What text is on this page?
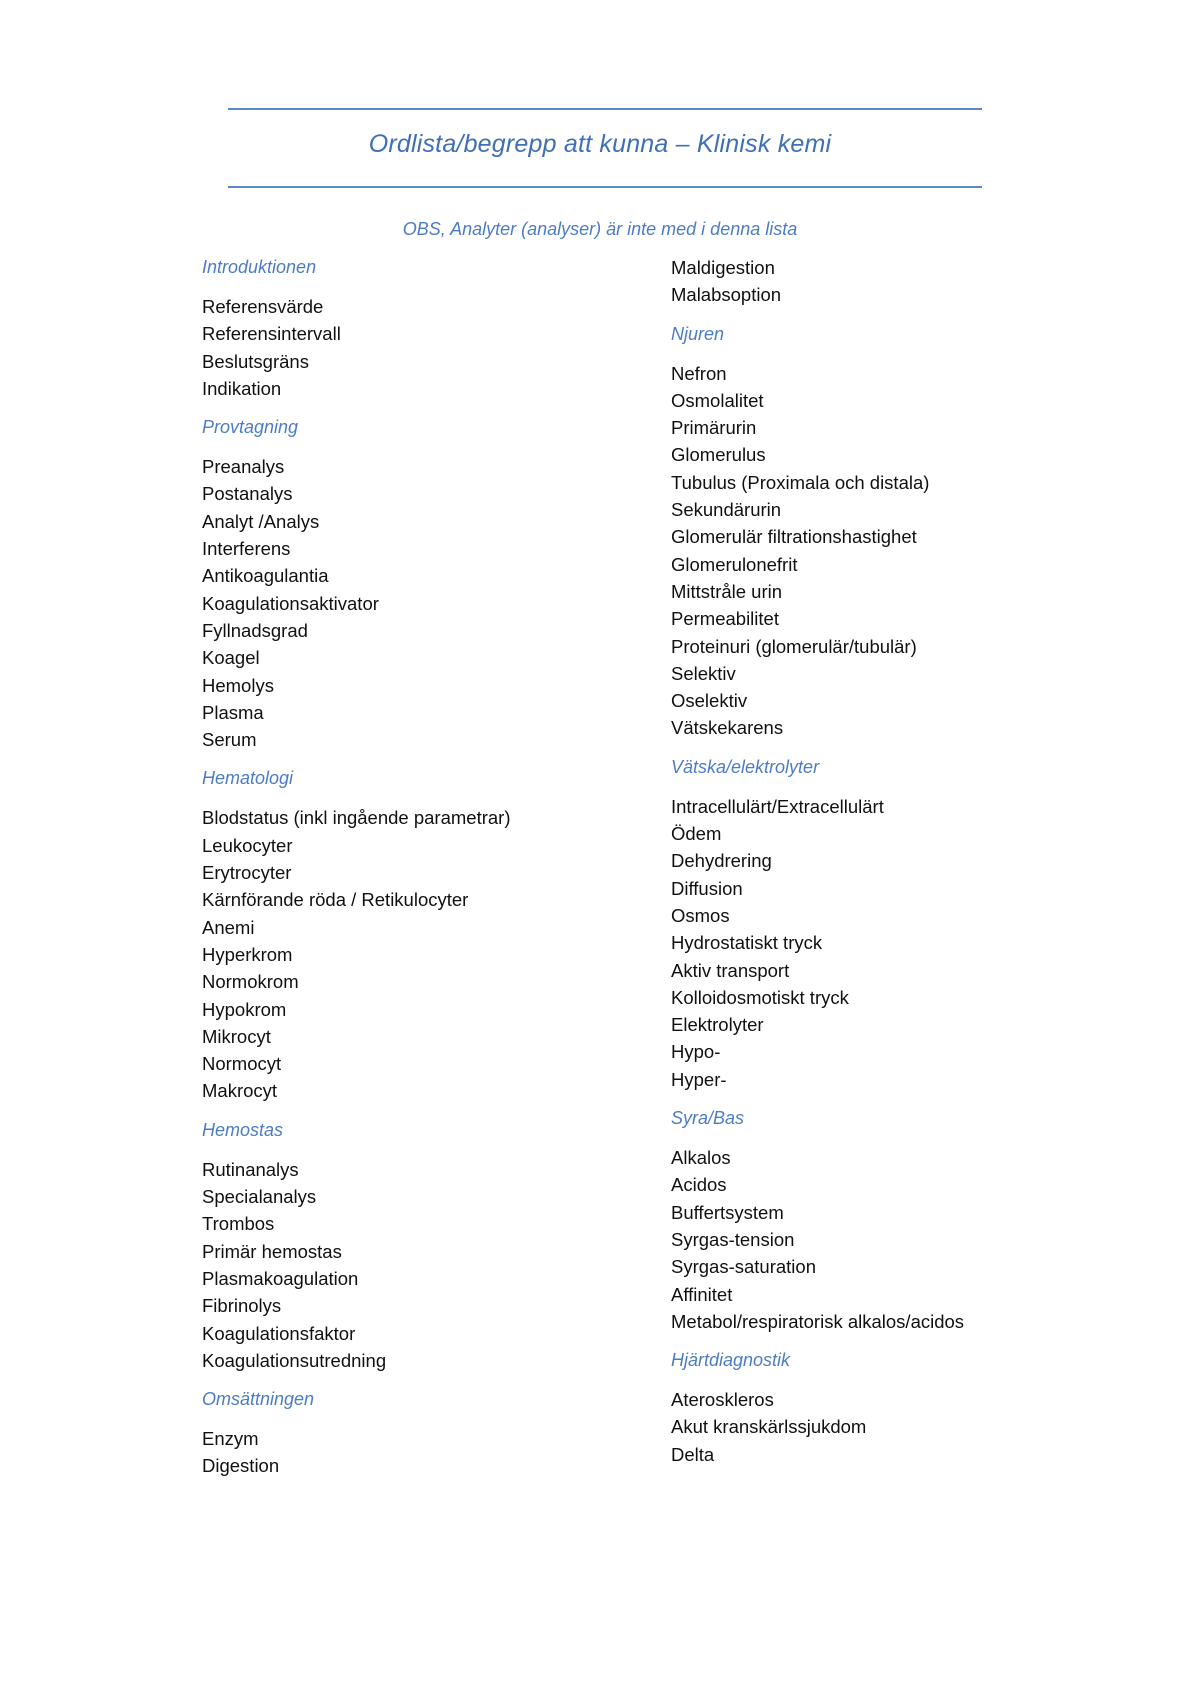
Ordlista/begrepp att kunna – Klinisk kemi
OBS, Analyter (analyser) är inte med i denna lista
Introduktionen
Referensvärde
Referensintervall
Beslutsgräns
Indikation
Provtagning
Preanalys
Postanalys
Analyt /Analys
Interferens
Antikoagulantia
Koagulationsaktivator
Fyllnadsgrad
Koagel
Hemolys
Plasma
Serum
Hematologi
Blodstatus (inkl ingående parametrar)
Leukocyter
Erytrocyter
Kärnförande röda / Retikulocyter
Anemi
Hyperkrom
Normokrom
Hypokrom
Mikrocyt
Normocyt
Makrocyt
Hemostas
Rutinanalys
Specialanalys
Trombos
Primär hemostas
Plasmakoagulation
Fibrinolys
Koagulationsfaktor
Koagulationsutredning
Omsättningen
Enzym
Digestion
Maldigestion
Malabsoption
Njuren
Nefron
Osmolalitet
Primärurin
Glomerulus
Tubulus (Proximala och distala)
Sekundärurin
Glomerulär filtrationshastighet
Glomerulonefrit
Mittstråle urin
Permeabilitet
Proteinuri (glomerulär/tubulär)
Selektiv
Oselektiv
Vätskekarens
Vätska/elektrolyter
Intracellulärt/Extracellulärt
Ödem
Dehydrering
Diffusion
Osmos
Hydrostatiskt tryck
Aktiv transport
Kolloidosmotiskt tryck
Elektrolyter
Hypo-
Hyper-
Syra/Bas
Alkalos
Acidos
Buffertsystem
Syrgas-tension
Syrgas-saturation
Affinitet
Metabol/respiratorisk alkalos/acidos
Hjärtdiagnostik
Ateroskleros
Akut kranskärlssjukdom
Delta
